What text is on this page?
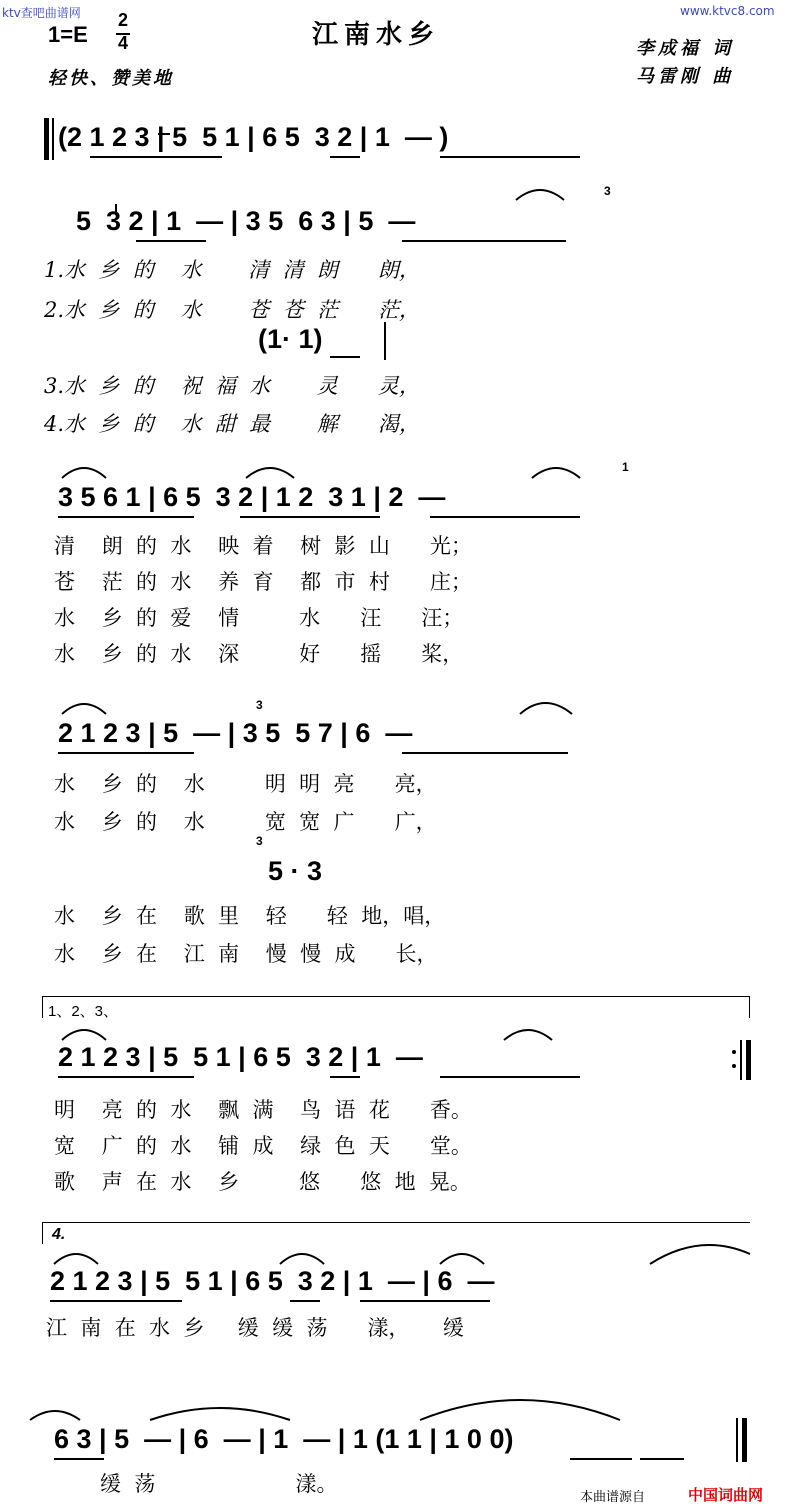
ktv查吧曲谱网	www.ktvc8.com
本曲谱源自	中国词曲网
1=E
2
4	江南水乡
轻快、赞美地
李成福 词
马雷刚 曲
(2 1 2 3 | 5  5 1 | 6 5  3 2 | 1  — )
5  3 2 | 1  — | 3 5  6 3 | 5  —
3
1.水  乡  的    水       清  清  朗      朗，
2.水  乡  的    水       苍  苍  茫      茫，
(1· 1)
3.水  乡  的    祝  福  水       灵      灵，
4.水  乡  的    水  甜  最       解      渴，
3 5 6 1 | 6 5  3 2 | 1 2  3 1 | 2  —
1
清    朗  的  水    映  着    树  影  山      光；
苍    茫  的  水    养  育    都  市  村      庄；
水    乡  的  爱    情         水      汪      汪；
水    乡  的  水    深         好      摇      桨，
2 1 2 3 | 5  — | 3 5  5 7 | 6  —
3
水    乡  的    水         明  明  亮      亮，
水    乡  的    水         宽  宽  广      广，
5 · 3
3
水    乡  在    歌  里    轻      轻  地，唱，
水    乡  在    江  南    慢  慢  成      长，
1、2、3、
2 1 2 3 | 5  5 1 | 6 5  3 2 | 1  —
明    亮  的  水    飘  满    鸟  语  花      香。
宽    广  的  水    铺  成    绿  色  天      堂。
歌    声  在  水    乡         悠      悠  地  晃。
4.
2 1 2 3 | 5  5 1 | 6 5  3 2 | 1  — | 6  —
江  南  在  水  乡     缓  缓  荡      漾，     缓
6 3 | 5  — | 6  — | 1  — | 1 (1 1 | 1 0 0)
缓  荡                     漾。
